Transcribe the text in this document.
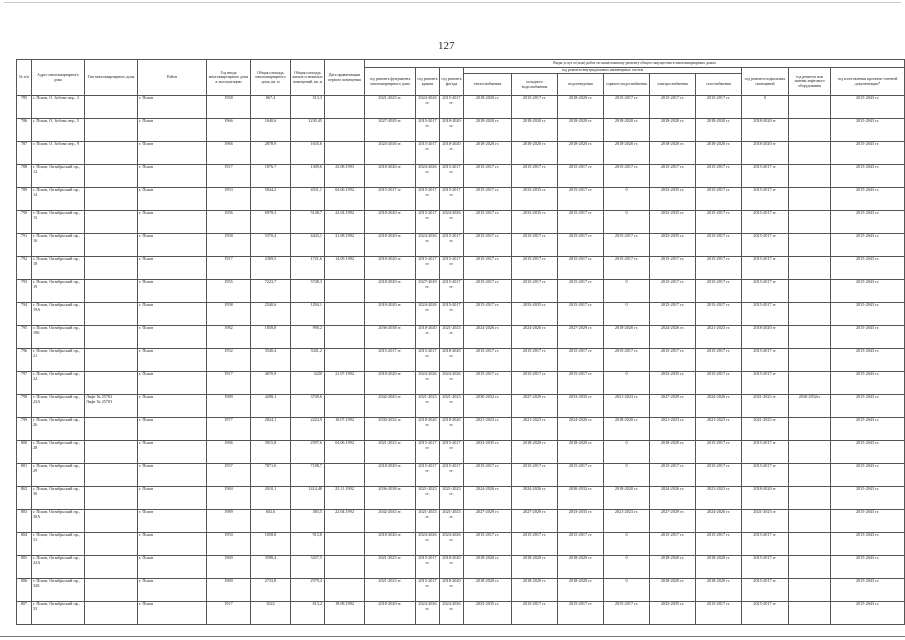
127
№ п/п	Адрес многоквартирного дома	Тип многоквартирного дома	Район	Год ввода многоквартирного дома в эксплуатацию	Общая площадь многоквартирного дома, кв. м	Общая площадь жилых и нежилых помещений, кв. м	Дата приватизации первого помещения	Виды услуг и (или) работ по капитальному ремонту общего имущества в многоквартирных домах											
								год ремонта фундамента многоквартирного дома	год ремонта крыши	год ремонта фасада	год ремонта внутридомовых инженерных систем						год ремонта подвальных помещений	год ремонта или замены лифтового оборудования	год изготовления проектно-сметной документации*
											теплоснабжения	холодного водоснабжения	водоотведения	горячего водоснабжения	электроснабжения	газоснабжения			
785	г. Псков, О. Зобова пер., 3		г. Псков	1958	867,4	513,3		2021-2023 гг.	2024-2026 гг.	2015-2017 гг.	2018-2020 гг.	2015-2017 гг.	2018-2020 гг.	2015-2017 гг.	2015-2017 гг.	2015-2017 гг.	0		2015-2043 гг.
786	г. Псков, О. Зобова пер., 5		г. Псков	1966	1640,6	1230,45		2027-2029 гг.	2015-2017 гг.	2018-2020 гг.	2018-2020 гг.	2018-2020 гг.	2018-2020 гг.	2018-2020 гг.	2018-2020 гг.	2018-2020 гг.	2018-2020 гг.		2015-2043 гг.
787	г. Псков, О. Зобова пер., 9		г. Псков	1966	2878,9	1635,6		2024-2026 гг.	2015-2017 гг.	2018-2020 гг.	2018-2020 гг.	2018-2020 гг.	2018-2020 гг.	2018-2020 гг.	2018-2020 гг.	2018-2020 гг.	2018-2020 гг.		2015-2043 гг.
788	г. Псков, Октябрьский пр., 12		г. Псков	1917	1876,7	1309,6	23.08.1993	2018-2020 гг.	2024-2026 гг.	2015-2017 гг.	2015-2017 гг.	2015-2017 гг.	2015-2017 гг.	2015-2017 гг.	2015-2017 гг.	2015-2017 гг.	2015-2017 гг.		2015-2043 гг.
789	г. Псков, Октябрьский пр., 14		г. Псков	1953	5844,2	4531,1	04.06.1992	2015-2017 гг.	2015-2017 гг.	2015-2017 гг.	2015-2017 гг.	2033-2035 гг.	2015-2017 гг.	0	2033-2035 гг.	2015-2017 гг.	2015-2017 гг.		2015-2043 гг.
790	г. Псков, Октябрьский пр., 15		г. Псков	1956	6978,3	5148,7	22.04.1992	2018-2020 гг.	2015-2017 гг.	2024-2026 гг.	2015-2017 гг.	2033-2035 гг.	2015-2017 гг.	0	2033-2035 гг.	2015-2017 гг.	2015-2017 гг.		2015-2043 гг.
791	г. Псков, Октябрьский пр., 16		г. Псков	1958	5370,4	4443,1	31.08.1992	2018-2020 гг.	2024-2026 гг.	2015-2017 гг.	2015-2017 гг.	2015-2017 гг.	2015-2017 гг.	2015-2017 гг.	2033-2035 гг.	2015-2017 гг.	2015-2017 гг.		2015-2043 гг.
792	г. Псков, Октябрьский пр., 18		г. Псков	1917	2369,5	1721,6	14.09.1992	2018-2020 гг.	2015-2017 гг.	2015-2017 гг.	2015-2017 гг.	2015-2017 гг.	2015-2017 гг.	2015-2017 гг.	2015-2017 гг.	2015-2017 гг.	2015-2017 гг.		2015-2043 гг.
793	г. Псков, Октябрьский пр., 19		г. Псков	1955	7223,7	5748,3		2018-2020 гг.	2027-2029 гг.	2015-2017 гг.	2015-2017 гг.	2015-2017 гг.	2015-2017 гг.	0	2015-2017 гг.	2015-2017 гг.	2015-2017 гг.		2015-2043 гг.
794	г. Псков, Октябрьский пр., 19А		г. Псков	1958	2540,6	1294,1		2018-2020 гг.	2024-2026 гг.	2015-2017 гг.	2015-2017 гг.	2033-2035 гг.	2015-2017 гг.	0	2015-2017 гг.	2015-2017 гг.	2015-2017 гг.		2015-2043 гг.
795	г. Псков, Октябрьский пр., 19Б		г. Псков	1982	1858,8	990,2		2036-2038 гг.	2018-2020 гг.	2021-2023 гг.	2024-2026 гг.	2024-2026 гг.	2027-2029 гг.	2018-2020 гг.	2024-2026 гг.	2021-2023 гг.	2018-2020 гг.		2015-2043 гг.
796	г. Псков, Октябрьский пр., 21		г. Псков	1952	3540,4	3341,2		2015-2017 гг.	2015-2017 гг.	2018-2020 гг.	2015-2017 гг.	2015-2017 гг.	2015-2017 гг.	2015-2017 гг.	2015-2017 гг.	2015-2017 гг.	2015-2017 гг.		2015-2043 гг.
797	г. Псков, Октябрьский пр., 22		г. Псков	1917	4670,9	3220	21.07.1992	2018-2020 гг.	2024-2026 гг.	2024-2026 гг.	2015-2017 гг.	2015-2017 гг.	2015-2017 гг.	0	2033-2035 гг.	2015-2017 гг.	2015-2017 гг.		2015-2043 гг.
798	г. Псков, Октябрьский пр., 23А	Лифт № 25702
Лифт № 25703	г. Псков	1989	4298,1	3749,6		2042-2043 гг.	2021-2023 гг.	2021-2023 гг.	2030-2032 гг.	2027-2029 гг.	2033-2035 гг.	2021-2023 гг.	2027-2029 гг.	2024-2026 гг.	2021-2023 гг.	2030-2032гг	2015-2043 гг.
799	г. Псков, Октябрьский пр., 26		г. Псков	1977	2824,1	2224,9	10.07.1992	2030-2032 гг.	2018-2020 гг.	2018-2020 гг.	2021-2023 гг.	2021-2023 гг.	2024-2026 гг.	2018-2020 гг.	2021-2023 гг.	2021-2023 гг.	2021-2023 гг.		2015-2043 гг.
800	г. Псков, Октябрьский пр., 28		г. Псков	1966	3915,8	2597,6	04.06.1992	2021-2023 гг.	2015-2017 гг.	2015-2017 гг.	2033-2035 гг.	2018-2020 гг.	2018-2020 гг.	0	2018-2020 гг.	2015-2017 гг.	2015-2017 гг.		2015-2043 гг.
801	г. Псков, Октябрьский пр., 29		г. Псков	1957	7871,6	7188,7		2018-2020 гг.	2015-2017 гг.	2015-2017 гг.	2015-2017 гг.	2015-2017 гг.	2015-2017 гг.	0	2015-2017 гг.	2015-2017 гг.	2015-2017 гг.		2015-2043 гг.
802	г. Псков, Октябрьский пр., 30		г. Псков	1984	2010,1	1414,48	25.11.1992	2036-2038 гг.	2021-2023 гг.	2021-2023 гг.	2024-2026 гг.	2024-2026 гг.	2030-2032 гг.	2018-2020 гг.	2024-2026 гг.	2021-2023 гг.	2018-2020 гг.		2015-2043 гг.
803	г. Псков, Октябрьский пр., 30А		г. Псков	1989	602,6	383,5	22.04.1992	2042-2043 гг.	2021-2023 гг.	2021-2023 гг.	2027-2029 гг.	2027-2029 гг.	2033-2035 гг.	2021-2023 гг.	2027-2029 гг.	2024-2026 гг.	2021-2023 гг.		2015-2043 гг.
804	г. Псков, Октябрьский пр., 31		г. Псков	1950	1858,8	913,8		2018-2020 гг.	2024-2026 гг.	2024-2026 гг.	2015-2017 гг.	2015-2017 гг.	2015-2017 гг.	0	2015-2017 гг.	2015-2017 гг.	2015-2017 гг.		2015-2043 гг.
805	г. Псков, Октябрьский пр., 32А		г. Псков	1969	3598,4	3437,5		2021-2023 гг.	2015-2017 гг.	2018-2020 гг.	2018-2020 гг.	2018-2020 гг.	2018-2020 гг.	0	2018-2020 гг.	2018-2020 гг.	2015-2017 гг.		2015-2043 гг.
806	г. Псков, Октябрьский пр., 32Б		г. Псков	1969	2733,8	2579,4		2021-2023 гг.	2015-2017 гг.	2018-2020 гг.	2018-2020 гг.	2018-2020 гг.	2018-2020 гг.	0	2018-2020 гг.	2018-2020 гг.	2015-2017 гг.		2015-2043 гг.
807	г. Псков, Октябрьский пр., 33		г. Псков	1917	1022	613,2	19.08.1992	2018-2020 гг.	2024-2026 гг.	2024-2026 гг.	2033-2035 гг.	2015-2017 гг.	2015-2017 гг.	2015-2017 гг.	2033-2035 гг.	2015-2017 гг.	2015-2017 гг.		2015-2043 гг.
